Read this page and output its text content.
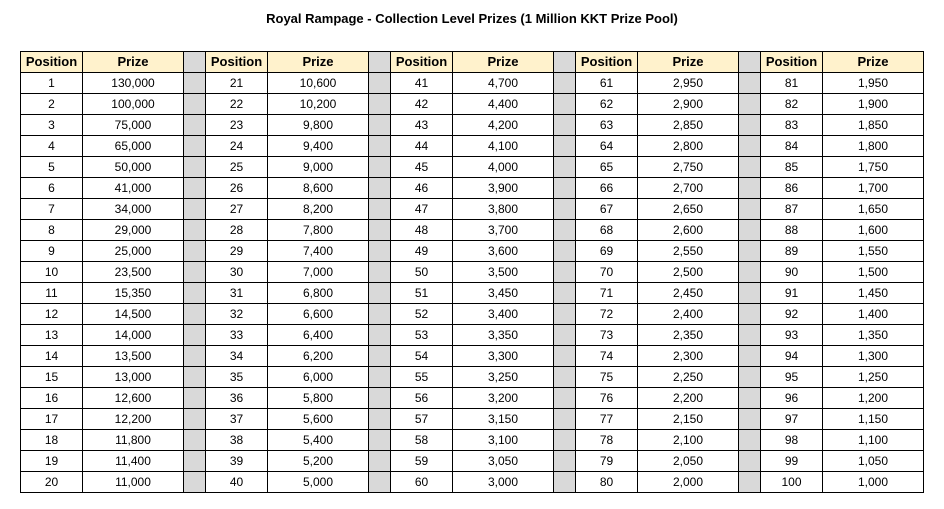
Royal Rampage - Collection Level Prizes (1 Million KKT Prize Pool)
Position	Prize		Position	Prize		Position	Prize		Position	Prize		Position	Prize
1	130,000		21	10,600		41	4,700		61	2,950		81	1,950
2	100,000		22	10,200		42	4,400		62	2,900		82	1,900
3	75,000		23	9,800		43	4,200		63	2,850		83	1,850
4	65,000		24	9,400		44	4,100		64	2,800		84	1,800
5	50,000		25	9,000		45	4,000		65	2,750		85	1,750
6	41,000		26	8,600		46	3,900		66	2,700		86	1,700
7	34,000		27	8,200		47	3,800		67	2,650		87	1,650
8	29,000		28	7,800		48	3,700		68	2,600		88	1,600
9	25,000		29	7,400		49	3,600		69	2,550		89	1,550
10	23,500		30	7,000		50	3,500		70	2,500		90	1,500
11	15,350		31	6,800		51	3,450		71	2,450		91	1,450
12	14,500		32	6,600		52	3,400		72	2,400		92	1,400
13	14,000		33	6,400		53	3,350		73	2,350		93	1,350
14	13,500		34	6,200		54	3,300		74	2,300		94	1,300
15	13,000		35	6,000		55	3,250		75	2,250		95	1,250
16	12,600		36	5,800		56	3,200		76	2,200		96	1,200
17	12,200		37	5,600		57	3,150		77	2,150		97	1,150
18	11,800		38	5,400		58	3,100		78	2,100		98	1,100
19	11,400		39	5,200		59	3,050		79	2,050		99	1,050
20	11,000		40	5,000		60	3,000		80	2,000		100	1,000
